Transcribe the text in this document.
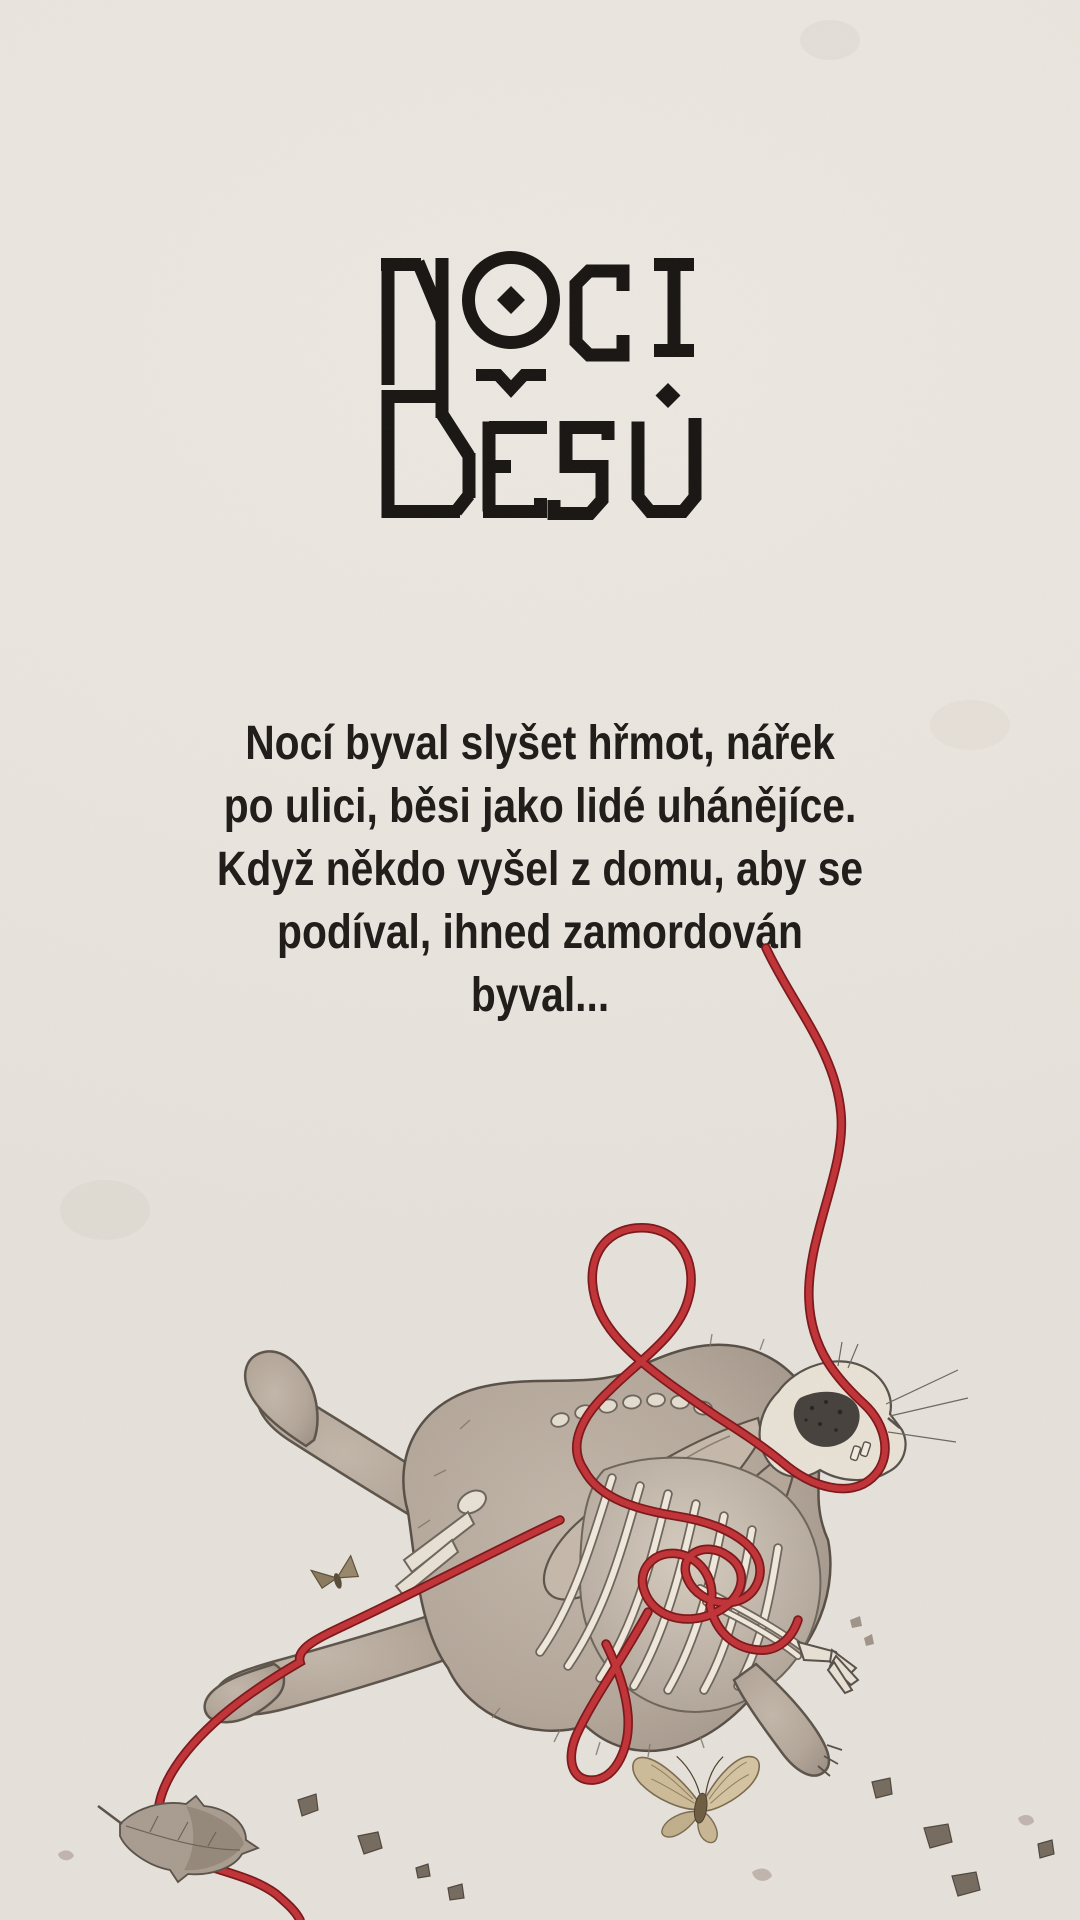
Nocí byval slyšet hřmot, nářek
po ulici, běsi jako lidé uhánějíce.
Když někdo vyšel z domu, aby se
podíval, ihned zamordován
byval...
